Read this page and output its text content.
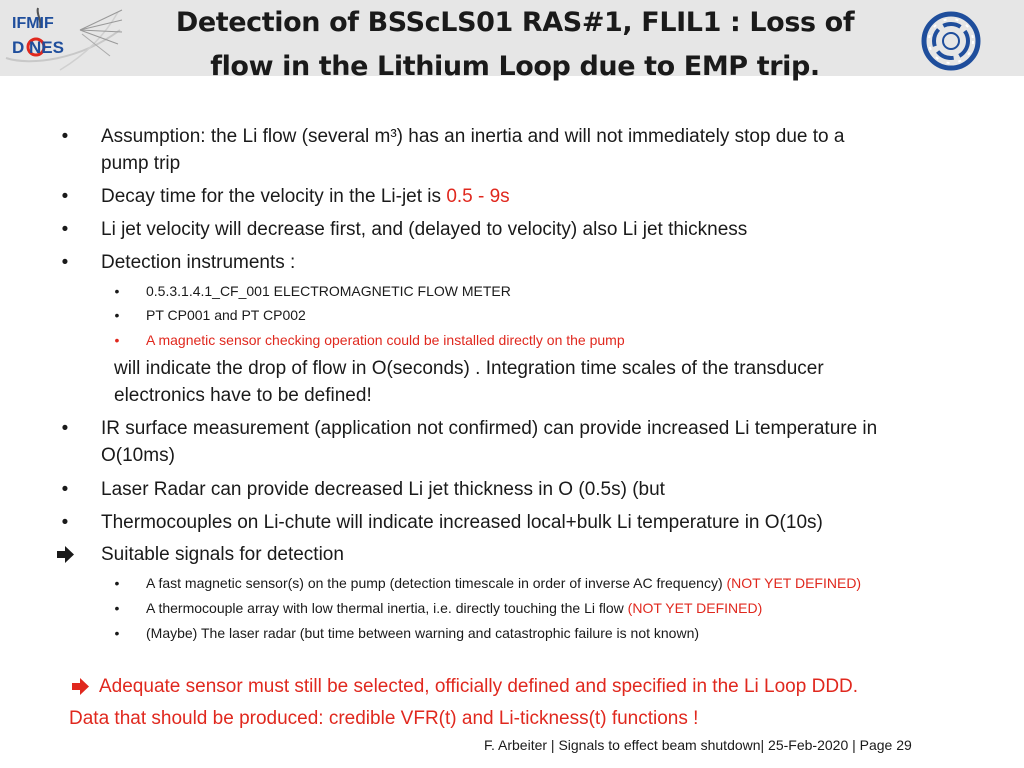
IFMIF
D NES
Detection of BSScLS01 RAS#1, FLIL1 : Loss of
flow in the Lithium Loop due to EMP trip.
• Assumption: the Li flow (several m³) has an inertia and will not immediately stop due to a
pump trip
• Decay time for the velocity in the Li-jet is 0.5 - 9s
• Li jet velocity will decrease first, and (delayed to velocity) also Li jet thickness
• Detection instruments :
•	0.5.3.1.4.1_CF_001 ELECTROMAGNETIC FLOW METER
•	PT CP001 and PT CP002
•	A magnetic sensor checking operation could be installed directly on the pump
will indicate the drop of flow in O(seconds) . Integration time scales of the transducer
electronics have to be defined!
• IR surface measurement (application not confirmed) can provide increased Li temperature in
O(10ms)
• Laser Radar can provide decreased Li jet thickness in O (0.5s) (but
• Thermocouples on Li-chute will indicate increased local+bulk Li temperature in O(10s)
Suitable signals for detection
•	A fast magnetic sensor(s) on the pump (detection timescale in order of inverse AC frequency) (NOT YET DEFINED)
•	A thermocouple array with low thermal inertia, i.e. directly touching the Li flow (NOT YET DEFINED)
•	(Maybe) The laser radar (but time between warning and catastrophic failure is not known)
Adequate sensor must still be selected, officially defined and specified in the Li Loop DDD.
Data that should be produced: credible VFR(t) and Li-tickness(t) functions !
F. Arbeiter | Signals to effect beam shutdown| 25-Feb-2020 | Page 29
